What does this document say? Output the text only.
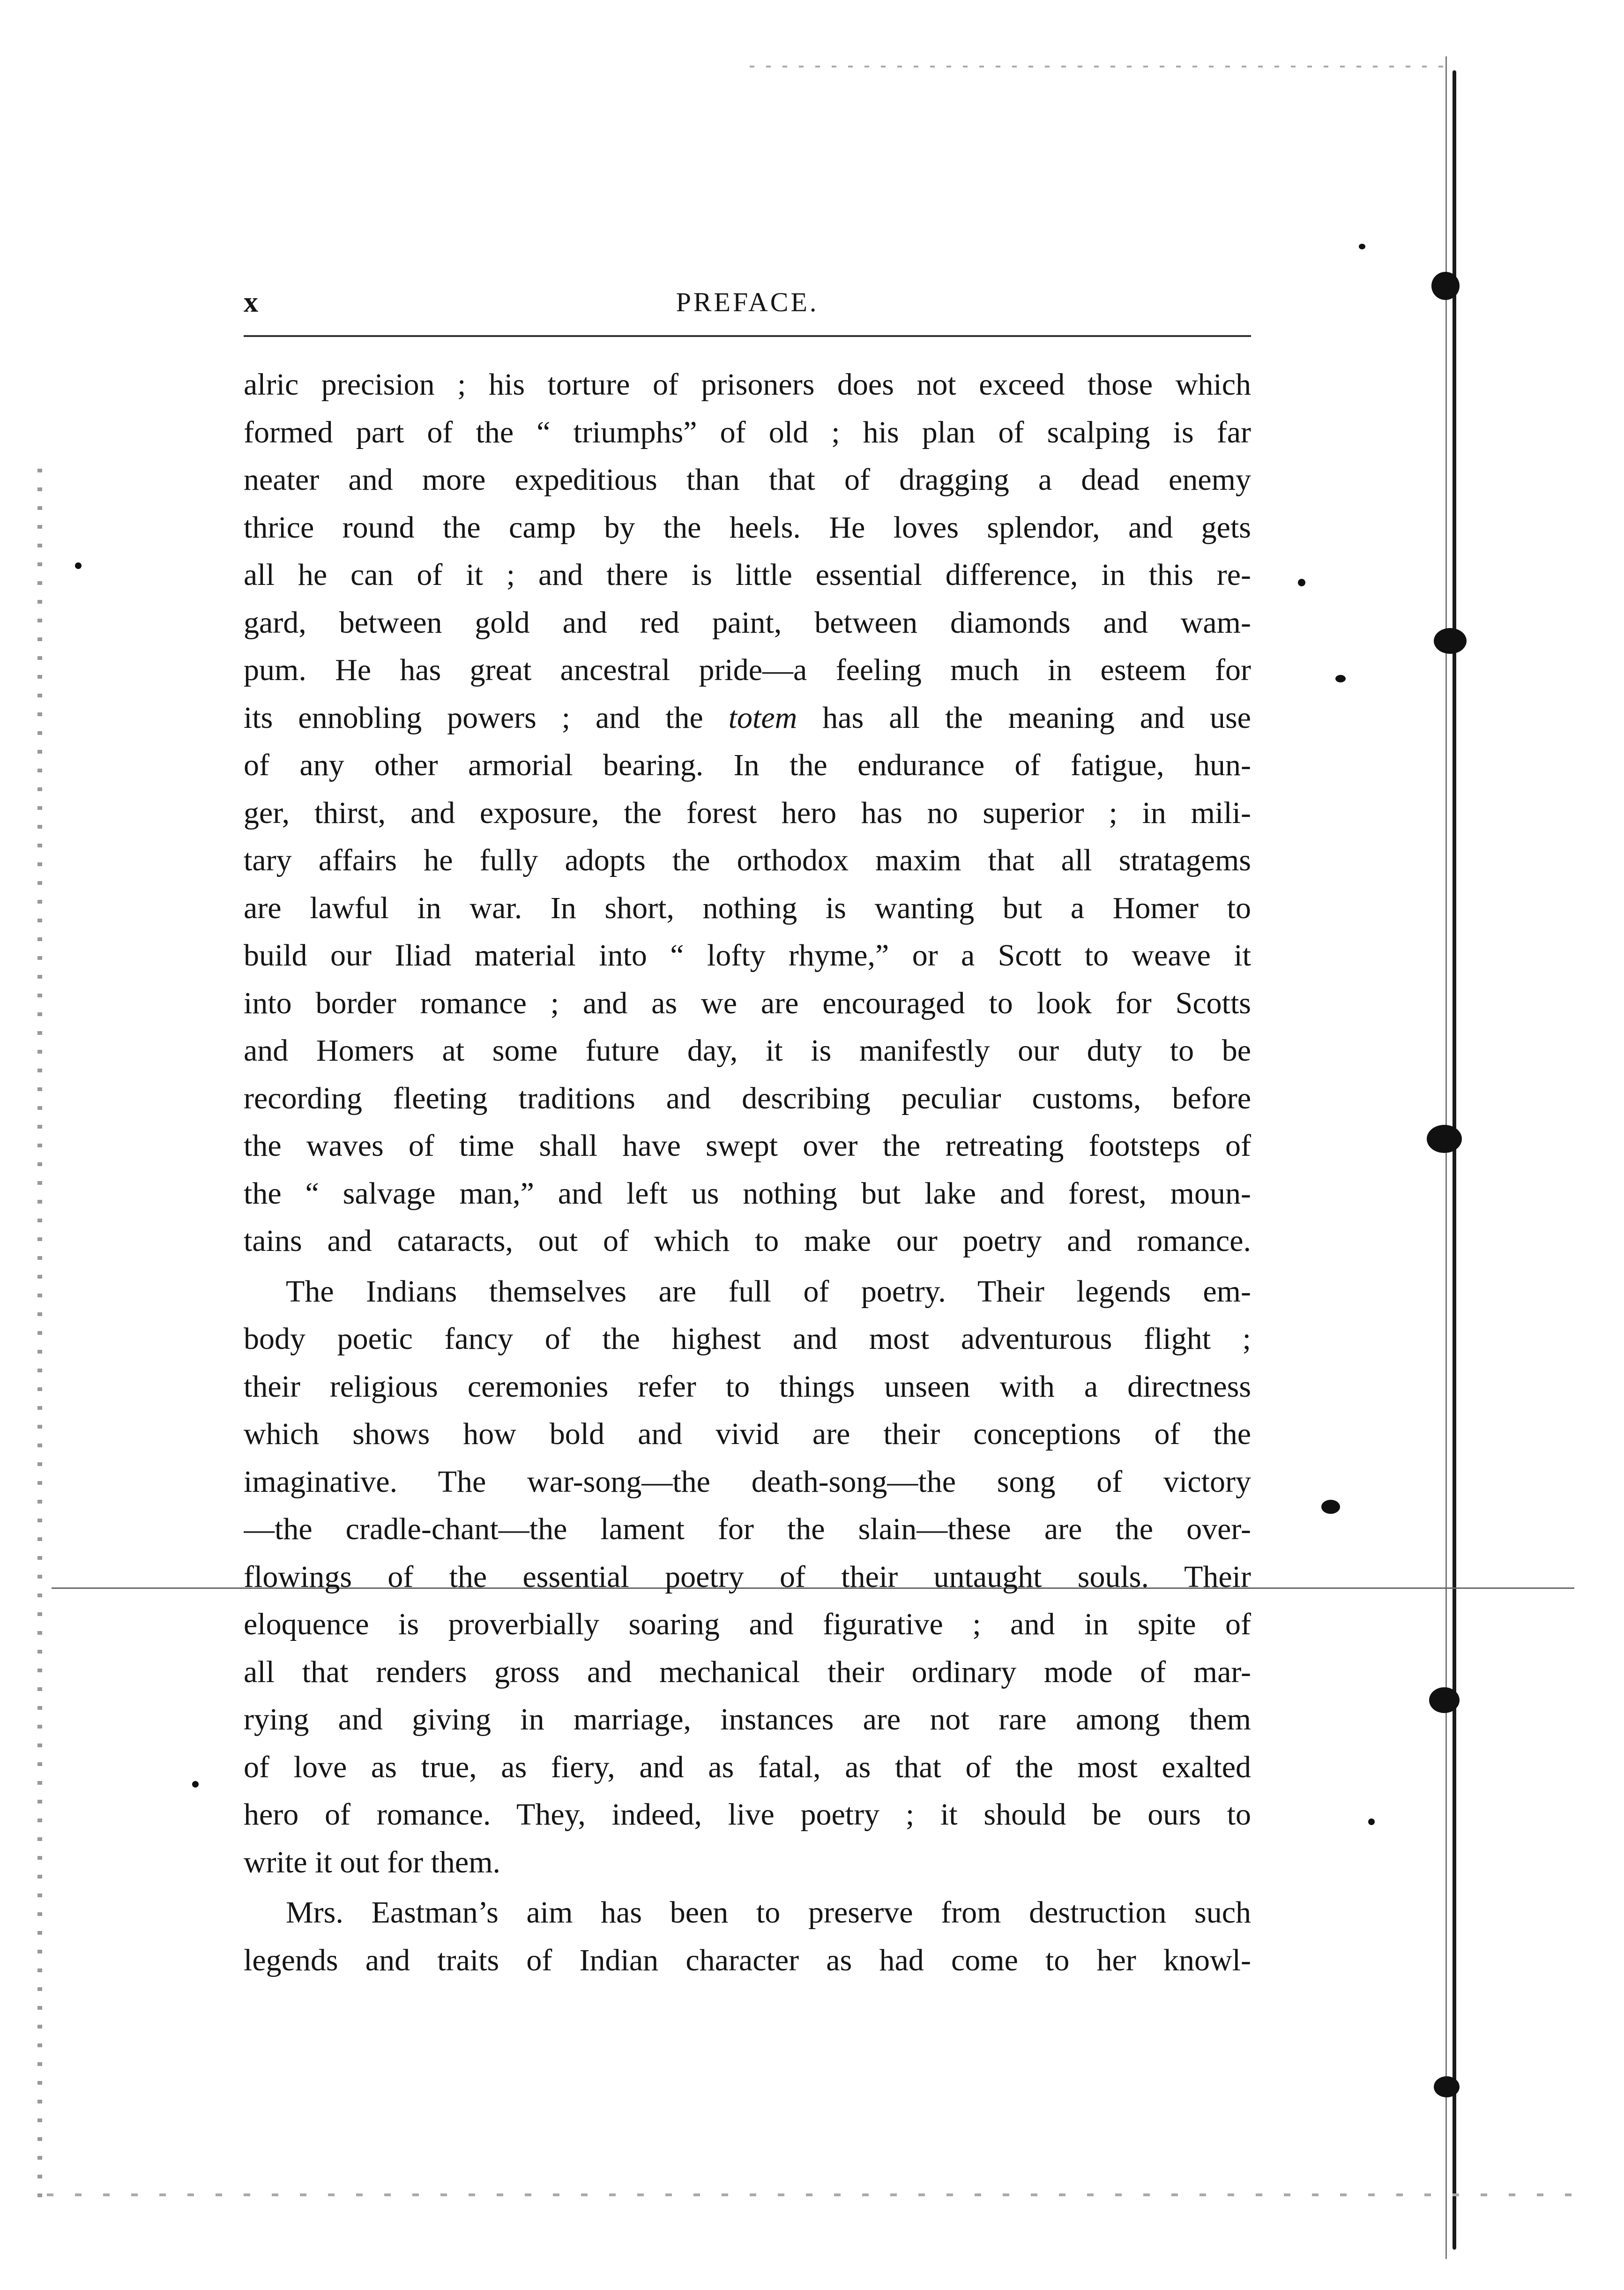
x	PREFACE.
alric precision ; his torture of prisoners does not exceed those which
formed part of the “ triumphs” of old ; his plan of scalping is far
neater and more expeditious than that of dragging a dead enemy
thrice round the camp by the heels. He loves splendor, and gets
all he can of it ; and there is little essential difference, in this re-
gard, between gold and red paint, between diamonds and wam-
pum. He has great ancestral pride—a feeling much in esteem for
its ennobling powers ; and the totem has all the meaning and use
of any other armorial bearing. In the endurance of fatigue, hun-
ger, thirst, and exposure, the forest hero has no superior ; in mili-
tary affairs he fully adopts the orthodox maxim that all stratagems
are lawful in war. In short, nothing is wanting but a Homer to
build our Iliad material into “ lofty rhyme,” or a Scott to weave it
into border romance ; and as we are encouraged to look for Scotts
and Homers at some future day, it is manifestly our duty to be
recording fleeting traditions and describing peculiar customs, before
the waves of time shall have swept over the retreating footsteps of
the “ salvage man,” and left us nothing but lake and forest, moun-
tains and cataracts, out of which to make our poetry and romance.
The Indians themselves are full of poetry. Their legends em-
body poetic fancy of the highest and most adventurous flight ;
their religious ceremonies refer to things unseen with a directness
which shows how bold and vivid are their conceptions of the
imaginative. The war-song—the death-song—the song of victory
—the cradle-chant—the lament for the slain—these are the over-
flowings of the essential poetry of their untaught souls. Their
eloquence is proverbially soaring and figurative ; and in spite of
all that renders gross and mechanical their ordinary mode of mar-
rying and giving in marriage, instances are not rare among them
of love as true, as fiery, and as fatal, as that of the most exalted
hero of romance. They, indeed, live poetry ; it should be ours to
write it out for them.
Mrs. Eastman’s aim has been to preserve from destruction such
legends and traits of Indian character as had come to her knowl-
